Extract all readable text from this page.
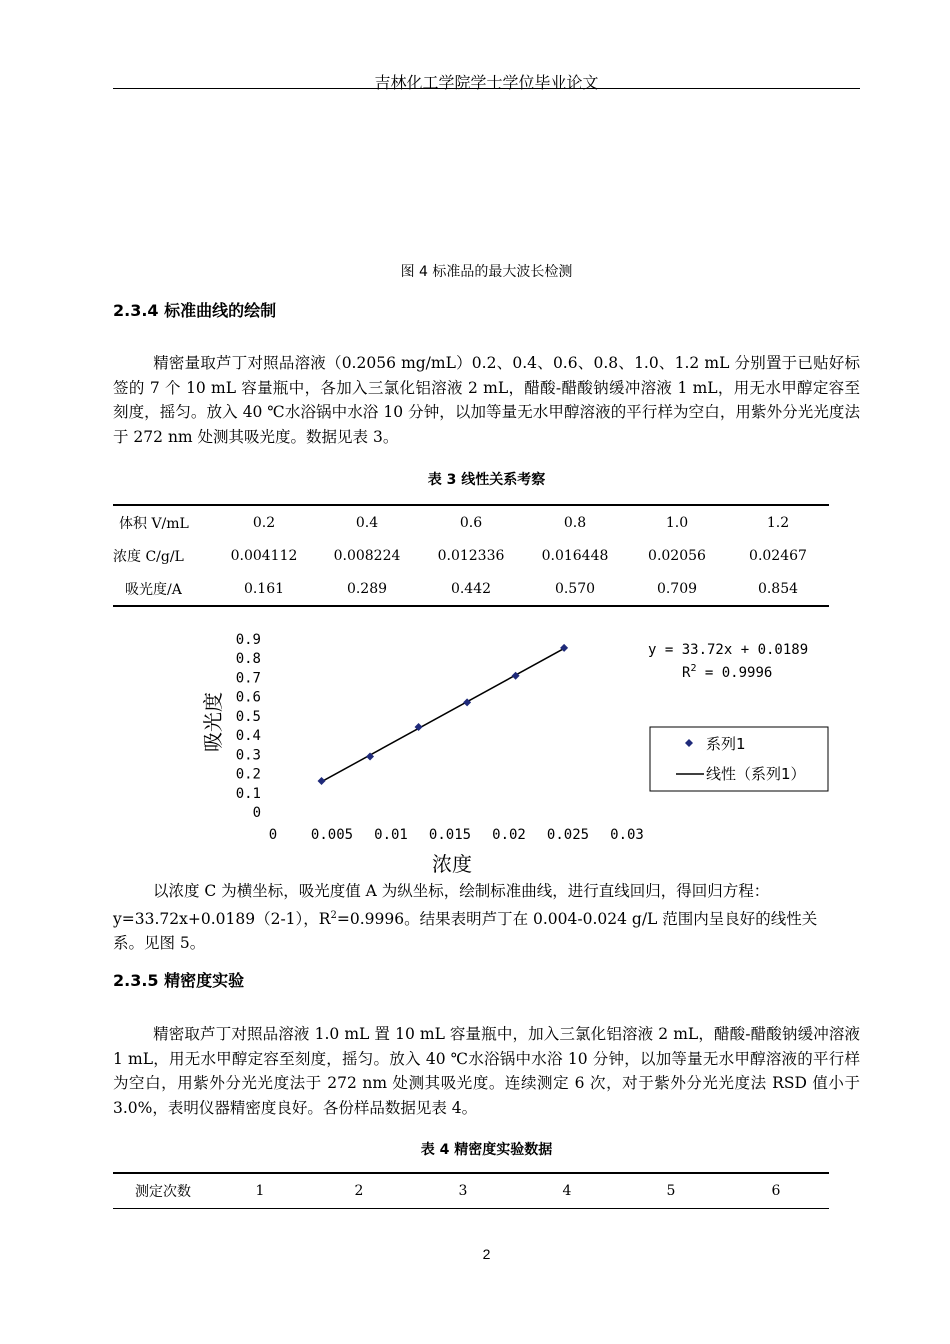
吉林化工学院学士学位毕业论文
图 4 标准品的最大波长检测
2.3.4 标准曲线的绘制
精密量取芦丁对照品溶液（0.2056 mg/mL）0.2、0.4、0.6、0.8、1.0、1.2 mL 分别置于已贴好标签的 7 个 10 mL 容量瓶中，各加入三氯化铝溶液 2 mL，醋酸-醋酸钠缓冲溶液 1 mL，用无水甲醇定容至刻度，摇匀。放入 40 ℃水浴锅中水浴 10 分钟，以加等量无水甲醇溶液的平行样为空白，用紫外分光光度法于 272 nm 处测其吸光度。数据见表 3。
表 3 线性关系考察
体积 V/mL	0.2	0.4	0.6	0.8	1.0	1.2
浓度 C/g/L	0.004112	0.008224	0.012336	0.016448	0.02056	0.02467
吸光度/A	0.161	0.289	0.442	0.570	0.709	0.854
0
0.1
0.2
0.3
0.4
0.5
0.6
0.7
0.8
0.9
0 0.005 0.01 0.015 0.02 0.025 0.03
吸光度
浓度
y = 33.72x + 0.0189
$R^2 = 0.9996$
系列1
线性（系列1）
以浓度 C 为横坐标，吸光度值 A 为纵坐标，绘制标准曲线，进行直线回归，得回归方程：
y=33.72x+0.0189（2-1），$R^2=0.9996$。结果表明芦丁在 0.004-0.024 g/L 范围内呈良好的线性关
系。见图 5。
2.3.5 精密度实验
精密取芦丁对照品溶液 1.0 mL 置 10 mL 容量瓶中，加入三氯化铝溶液 2 mL，醋酸-醋酸钠缓冲溶液 1 mL，用无水甲醇定容至刻度，摇匀。放入 40 ℃水浴锅中水浴 10 分钟，以加等量无水甲醇溶液的平行样为空白，用紫外分光光度法于 272 nm 处测其吸光度。连续测定 6 次，对于紫外分光光度法 RSD 值小于 3.0%，表明仪器精密度良好。各份样品数据见表 4。
表 4 精密度实验数据
测定次数	1	2	3	4	5	6
2
